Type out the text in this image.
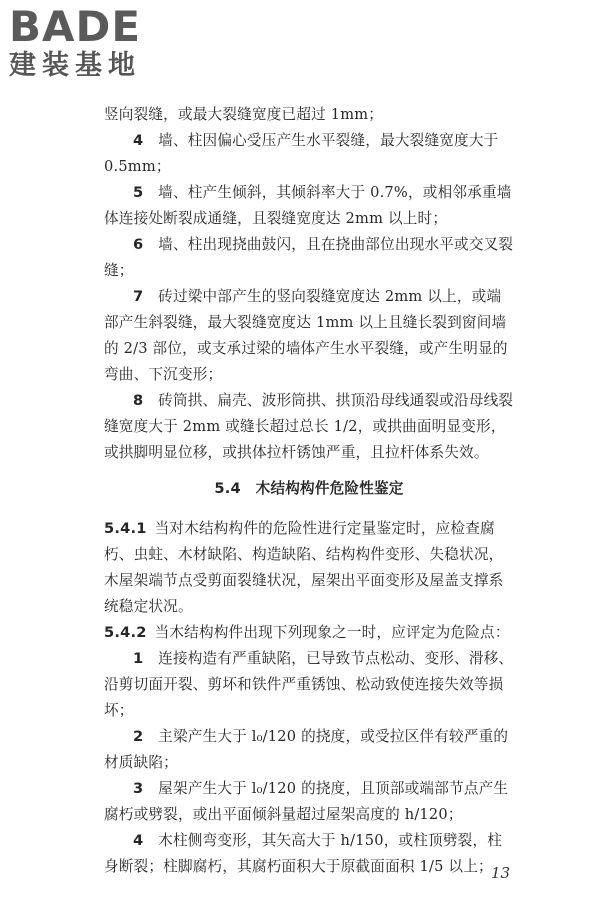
BADE
建装基地

竖向裂缝，或最大裂缝宽度已超过 1mm；

4　 墙、柱因偏心受压产生水平裂缝，最大裂缝宽度大于 0.5mm；

5　 墙、柱产生倾斜，其倾斜率大于 0.7%，或相邻承重墙体连接处断裂成通缝，且裂缝宽度达 2mm 以上时；

6　 墙、柱出现挠曲鼓闪，且在挠曲部位出现水平或交叉裂缝；

7　 砖过梁中部产生的竖向裂缝宽度达 2mm 以上，或端部产生斜裂缝，最大裂缝宽度达 1mm 以上且缝长裂到窗间墙的 2/3 部位，或支承过梁的墙体产生水平裂缝，或产生明显的弯曲、下沉变形；

8　 砖筒拱、扁壳、波形筒拱、拱顶沿母线通裂或沿母线裂缝宽度大于 2mm 或缝长超过总长 1/2，或拱曲面明显变形，或拱脚明显位移，或拱体拉杆锈蚀严重，且拉杆体系失效。

5.4　木结构构件危险性鉴定

5.4.1 当对木结构构件的危险性进行定量鉴定时，应检查腐朽、虫蛀、木材缺陷、构造缺陷、结构构件变形、失稳状况，木屋架端节点受剪面裂缝状况，屋架出平面变形及屋盖支撑系统稳定状况。

5.4.2 当木结构构件出现下列现象之一时，应评定为危险点：

1　 连接构造有严重缺陷，已导致节点松动、变形、滑移、沿剪切面开裂、剪坏和铁件严重锈蚀、松动致使连接失效等损坏；

2　 主梁产生大于 l₀/120 的挠度，或受拉区伴有较严重的材质缺陷；

3　 屋架产生大于 l₀/120 的挠度，且顶部或端部节点产生腐朽或劈裂，或出平面倾斜量超过屋架高度的 h/120；

4　 木柱侧弯变形，其矢高大于 h/150，或柱顶劈裂，柱身断裂；柱脚腐朽，其腐朽面积大于原截面面积 1/5 以上；

13
